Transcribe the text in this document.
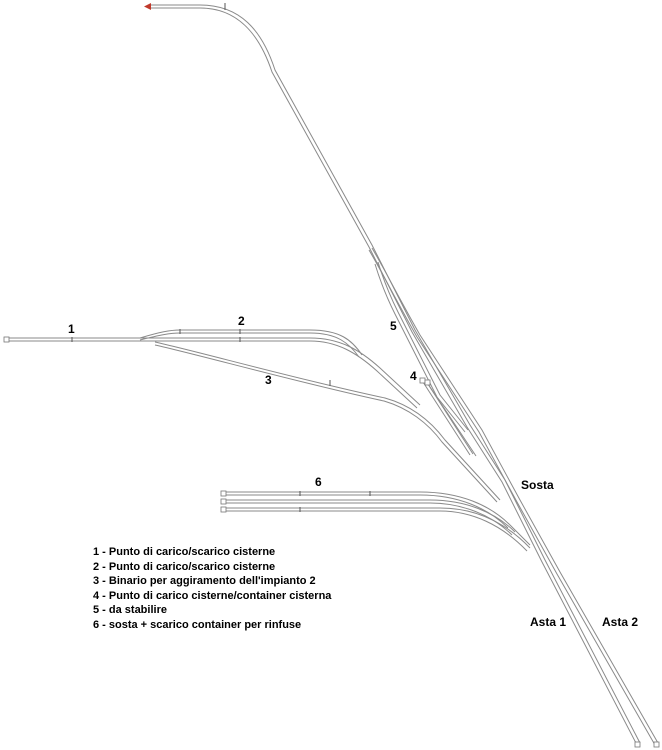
1
2
3	4
5
6	Sosta
Asta 1	Asta 2
1 - Punto di carico/scarico cisterne
2 - Punto di carico/scarico cisterne
3 - Binario per aggiramento dell'impianto 2
4 - Punto di carico cisterne/container cisterna
5 - da stabilire
6 - sosta + scarico container per rinfuse
